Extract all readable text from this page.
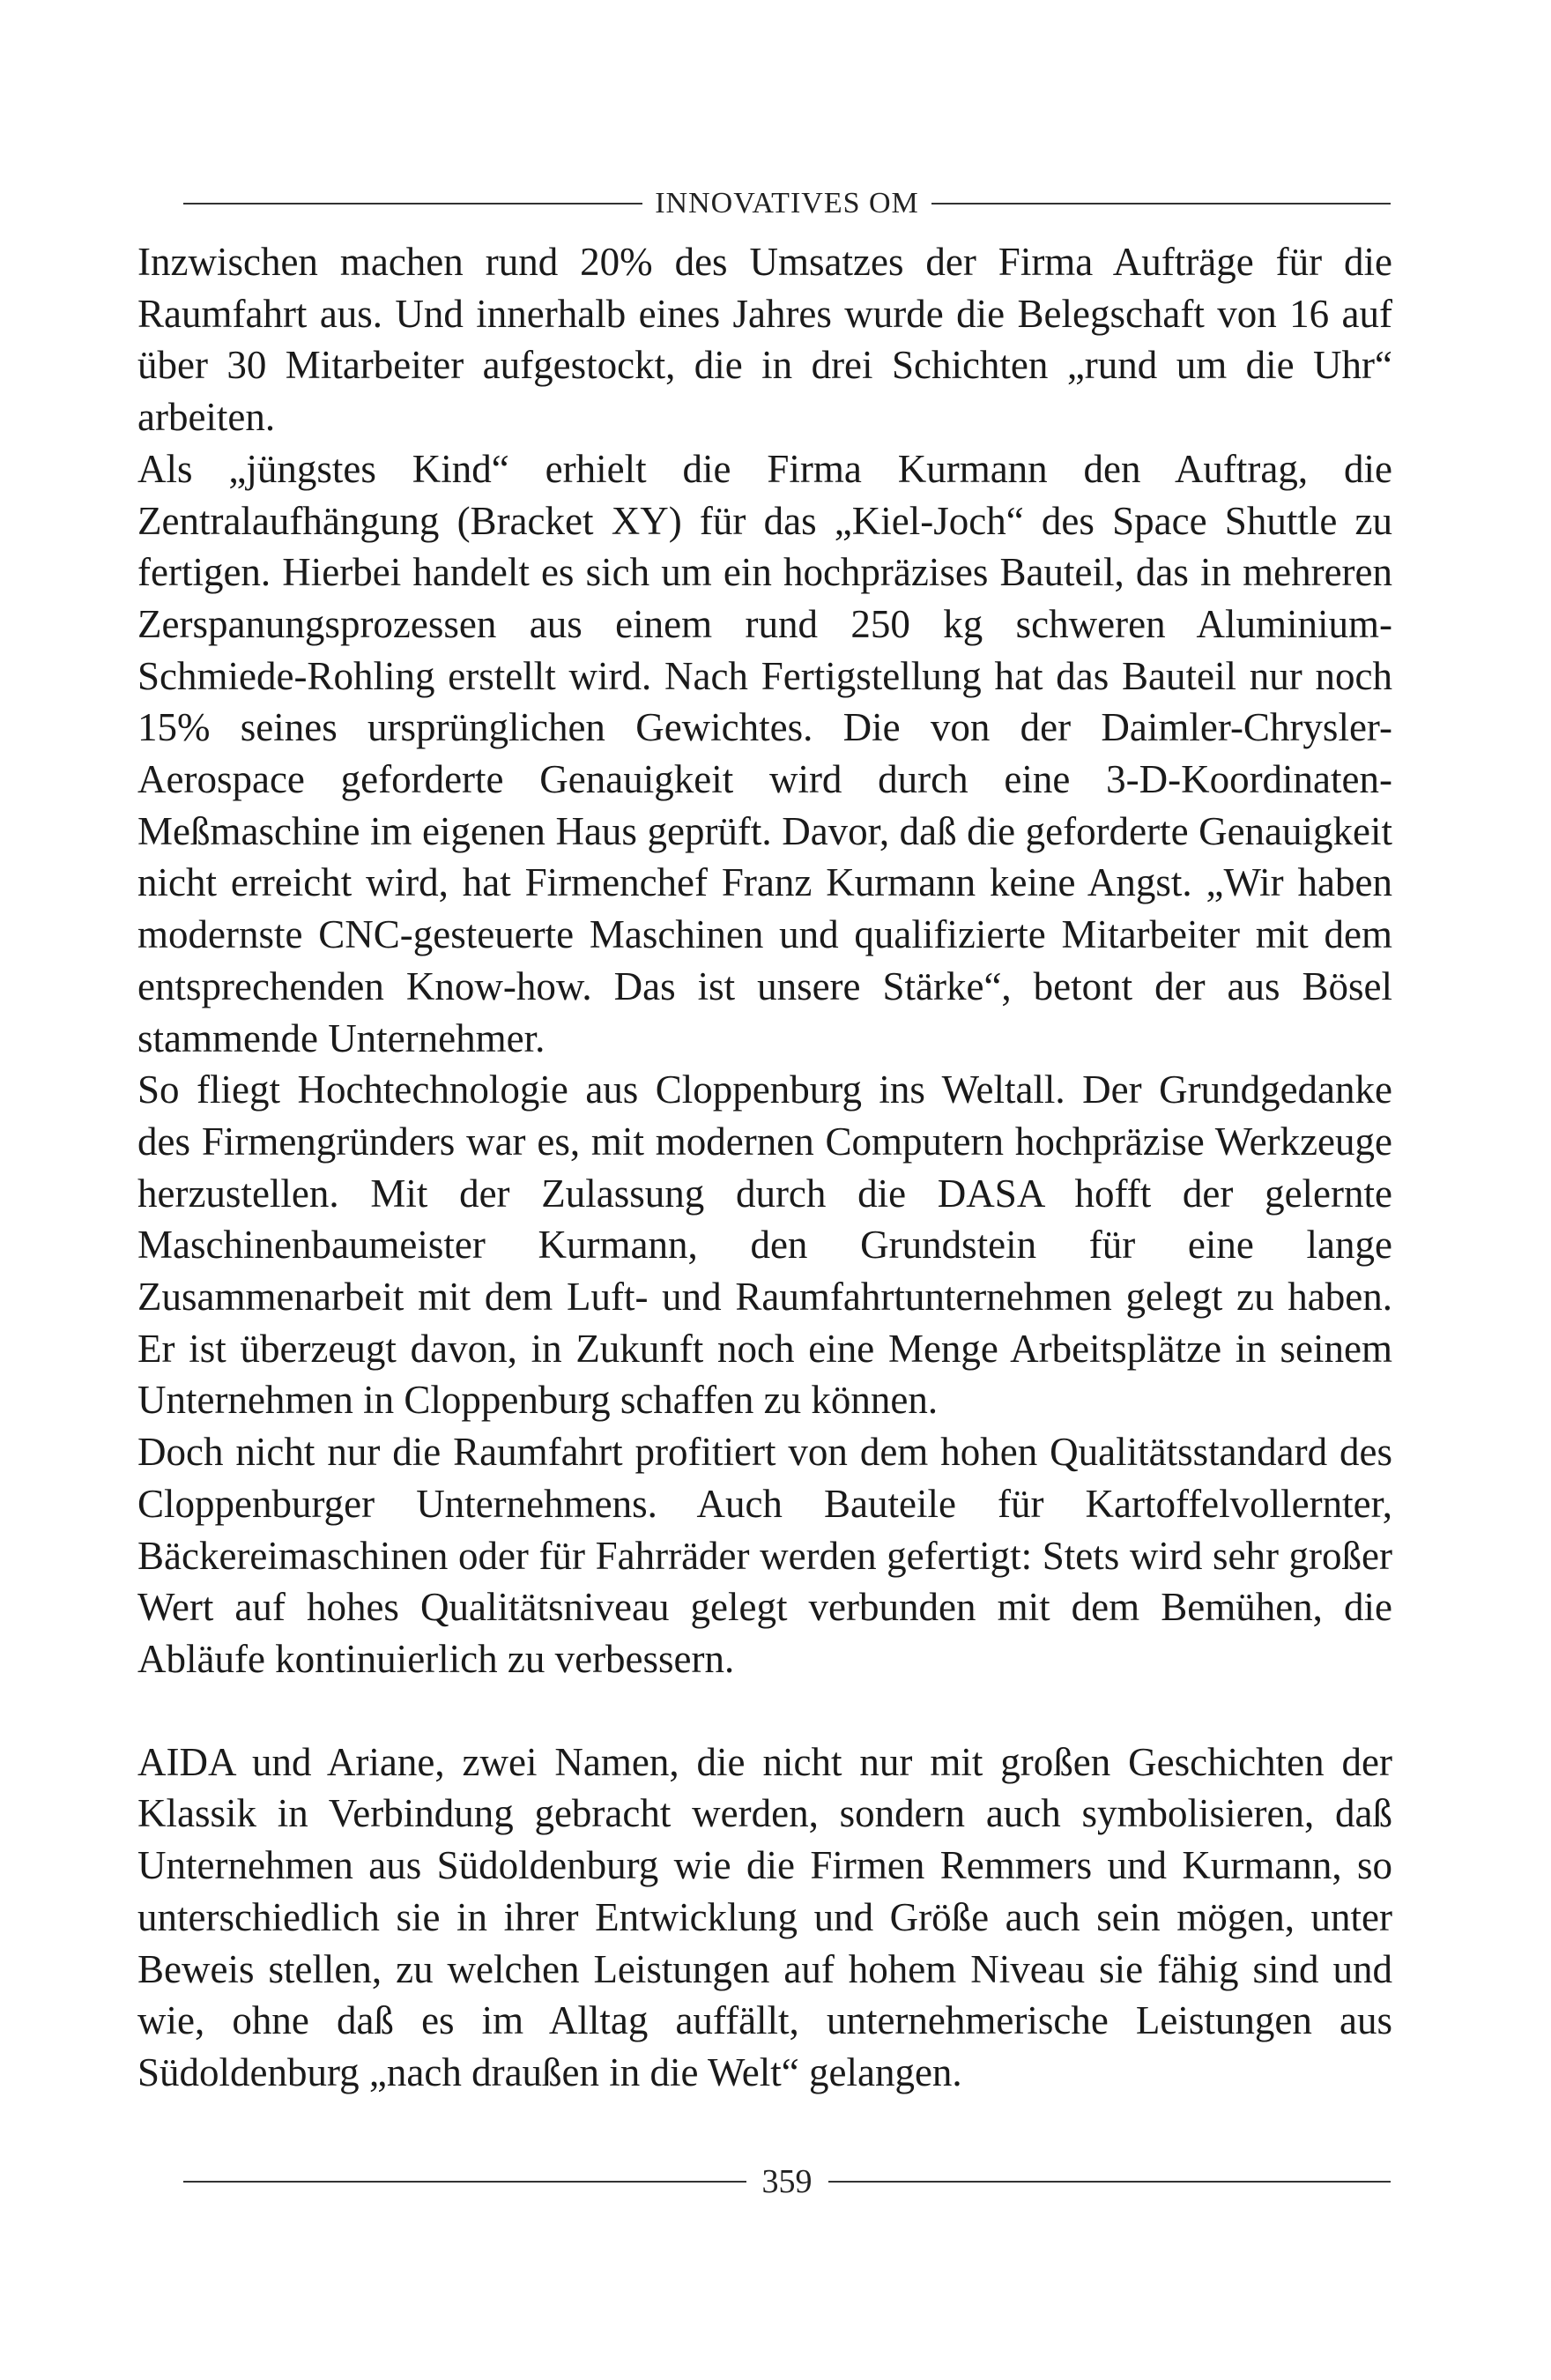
INNOVATIVES OM

Inzwischen machen rund 20% des Umsatzes der Firma Aufträge für die Raumfahrt aus. Und innerhalb eines Jahres wurde die Belegschaft von 16 auf über 30 Mitarbeiter aufgestockt, die in drei Schichten „rund um die Uhr“ arbeiten.

Als „jüngstes Kind“ erhielt die Firma Kurmann den Auftrag, die Zentralaufhängung (Bracket XY) für das „Kiel-Joch“ des Space Shuttle zu fertigen. Hierbei handelt es sich um ein hochpräzises Bauteil, das in mehreren Zerspanungsprozessen aus einem rund 250 kg schweren Aluminium-Schmiede-Rohling erstellt wird. Nach Fertigstellung hat das Bauteil nur noch 15% seines ursprünglichen Gewichtes. Die von der Daimler-Chrysler-Aerospace geforderte Genauigkeit wird durch eine 3-D-Koordinaten-Meßmaschine im eigenen Haus geprüft. Davor, daß die geforderte Genauigkeit nicht erreicht wird, hat Firmenchef Franz Kurmann keine Angst. „Wir haben modernste CNC-gesteuerte Maschinen und qualifizierte Mitarbeiter mit dem entsprechenden Know-how. Das ist unsere Stärke“, betont der aus Bösel stammende Unternehmer.

So fliegt Hochtechnologie aus Cloppenburg ins Weltall. Der Grundgedanke des Firmengründers war es, mit modernen Computern hochpräzise Werkzeuge herzustellen. Mit der Zulassung durch die DASA hofft der gelernte Maschinenbaumeister Kurmann, den Grundstein für eine lange Zusammenarbeit mit dem Luft- und Raumfahrtunternehmen gelegt zu haben. Er ist überzeugt davon, in Zukunft noch eine Menge Arbeitsplätze in seinem Unternehmen in Cloppenburg schaffen zu können.

Doch nicht nur die Raumfahrt profitiert von dem hohen Qualitätsstandard des Cloppenburger Unternehmens. Auch Bauteile für Kartoffelvollernter, Bäckereimaschinen oder für Fahrräder werden gefertigt: Stets wird sehr großer Wert auf hohes Qualitätsniveau gelegt verbunden mit dem Bemühen, die Abläufe kontinuierlich zu verbessern.

AIDA und Ariane, zwei Namen, die nicht nur mit großen Geschichten der Klassik in Verbindung gebracht werden, sondern auch symbolisieren, daß Unternehmen aus Südoldenburg wie die Firmen Remmers und Kurmann, so unterschiedlich sie in ihrer Entwicklung und Größe auch sein mögen, unter Beweis stellen, zu welchen Leistungen auf hohem Niveau sie fähig sind und wie, ohne daß es im Alltag auffällt, unternehmerische Leistungen aus Südoldenburg „nach draußen in die Welt“ gelangen.

359
